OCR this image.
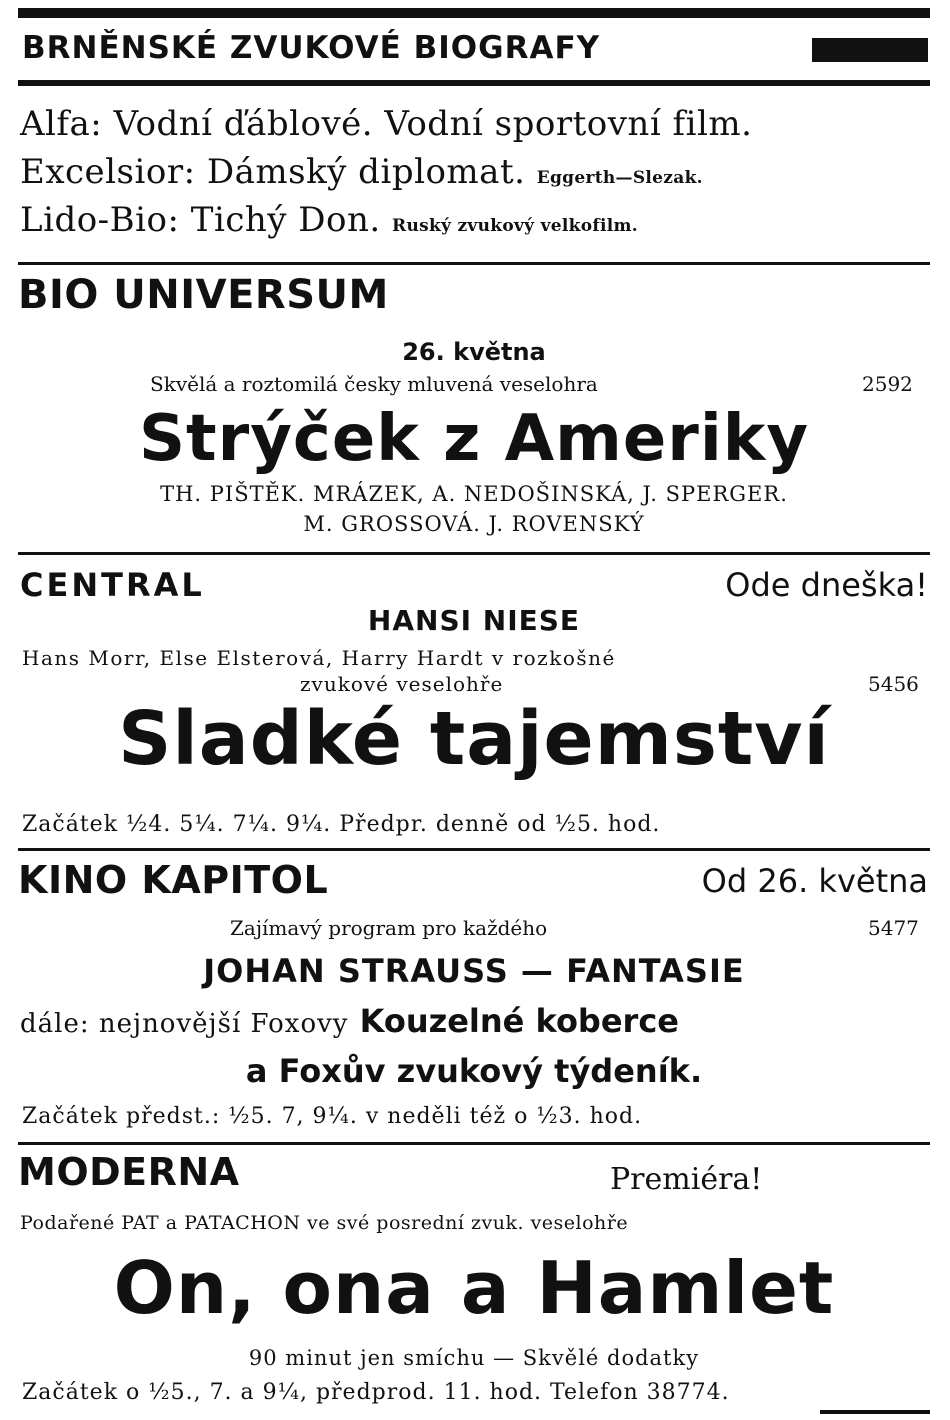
BRNĚNSKÉ ZVUKOVÉ BIOGRAFY
Alfa: Vodní ďáblové. Vodní sportovní film.
Excelsior: Dámský diplomat. Eggerth—Slezak.
Lido-Bio: Tichý Don. Ruský zvukový velkofilm.
BIO UNIVERSUM
26. května
Skvělá a roztomilá česky mluvená veselohra	2592
Strýček z Ameriky
TH. PIŠTĚK. MRÁZEK, A. NEDOŠINSKÁ, J. SPERGER.
M. GROSSOVÁ. J. ROVENSKÝ
CENTRAL	Ode dneška!
HANSI NIESE
Hans Morr, Else Elsterová, Harry Hardt v rozkošné
zvukové veselohře	5456
Sladké tajemství
Začátek ½4. 5¼. 7¼. 9¼. Předpr. denně od ½5. hod.
KINO KAPITOL	Od 26. května
Zajímavý program pro každého	5477
JOHAN STRAUSS — FANTASIE
dále: nejnovější Foxovy Kouzelné koberce
a Foxův zvukový týdeník.
Začátek předst.: ½5. 7, 9¼. v neděli též o ½3. hod.
MODERNA	Premiéra!
Podařené PAT a PATACHON ve své posrední zvuk. veselohře
On, ona a Hamlet
90 minut jen smíchu — Skvělé dodatky
Začátek o ½5., 7. a 9¼, předprod. 11. hod. Telefon 38774.
